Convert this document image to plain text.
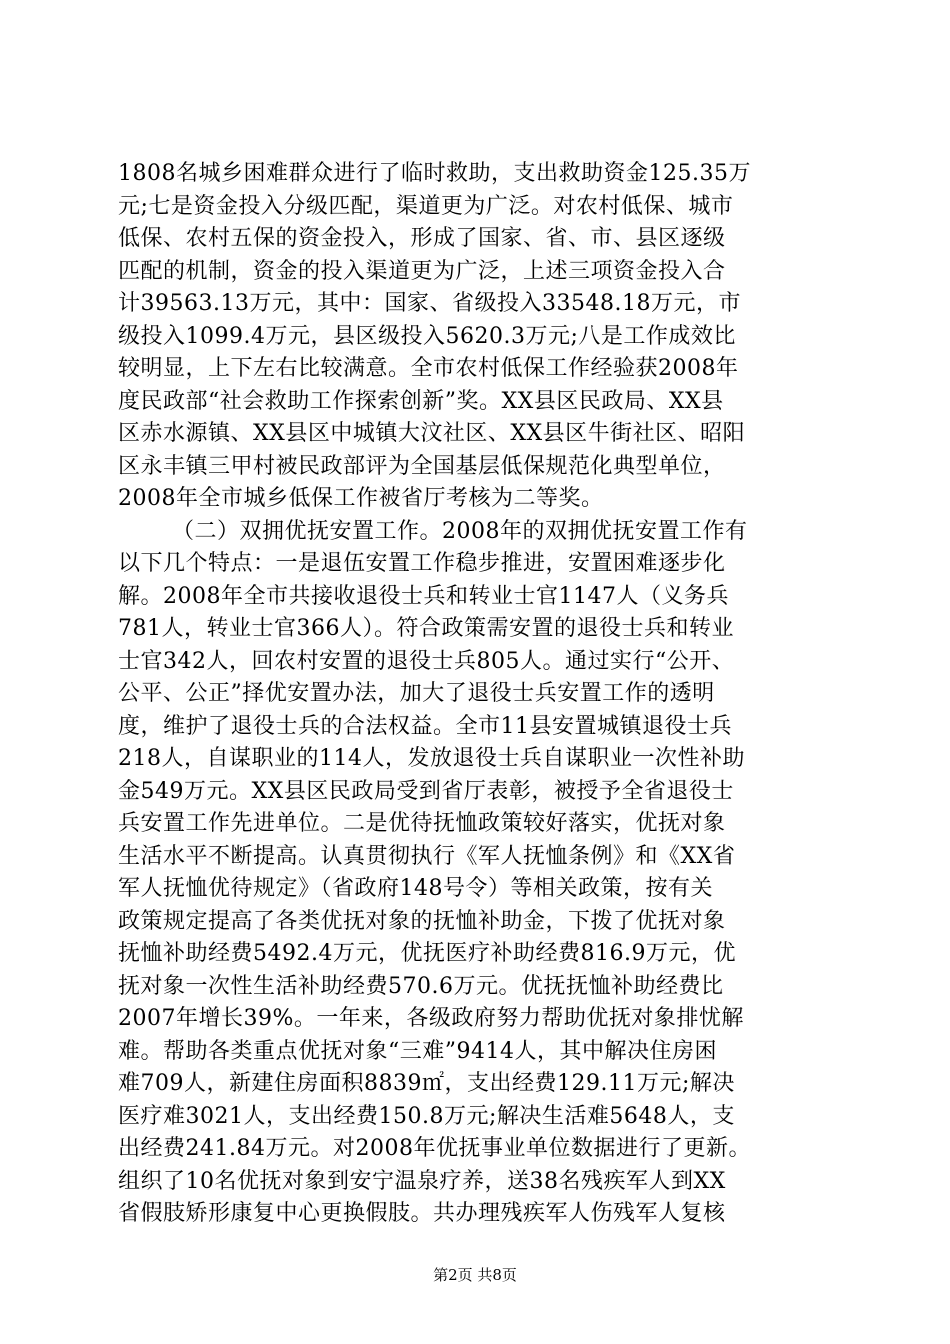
1808名城乡困难群众进行了临时救助，支出救助资金125.35万
元;七是资金投入分级匹配，渠道更为广泛。对农村低保、城市
低保、农村五保的资金投入，形成了国家、省、市、县区逐级
匹配的机制，资金的投入渠道更为广泛，上述三项资金投入合
计39563.13万元，其中：国家、省级投入33548.18万元，市
级投入1099.4万元，县区级投入5620.3万元;八是工作成效比
较明显，上下左右比较满意。全市农村低保工作经验获2008年
度民政部“社会救助工作探索创新”奖。XX县区民政局、XX县
区赤水源镇、XX县区中城镇大汶社区、XX县区牛街社区、昭阳
区永丰镇三甲村被民政部评为全国基层低保规范化典型单位，
2008年全市城乡低保工作被省厅考核为二等奖。
（二）双拥优抚安置工作。2008年的双拥优抚安置工作有
以下几个特点：一是退伍安置工作稳步推进，安置困难逐步化
解。2008年全市共接收退役士兵和转业士官1147人（义务兵
781人，转业士官366人）。符合政策需安置的退役士兵和转业
士官342人，回农村安置的退役士兵805人。通过实行“公开、
公平、公正”择优安置办法，加大了退役士兵安置工作的透明
度，维护了退役士兵的合法权益。全市11县安置城镇退役士兵
218人，自谋职业的114人，发放退役士兵自谋职业一次性补助
金549万元。XX县区民政局受到省厅表彰，被授予全省退役士
兵安置工作先进单位。二是优待抚恤政策较好落实，优抚对象
生活水平不断提高。认真贯彻执行《军人抚恤条例》和《XX省
军人抚恤优待规定》（省政府148号令）等相关政策，按有关
政策规定提高了各类优抚对象的抚恤补助金，下拨了优抚对象
抚恤补助经费5492.4万元，优抚医疗补助经费816.9万元，优
抚对象一次性生活补助经费570.6万元。优抚抚恤补助经费比
2007年增长39%。一年来，各级政府努力帮助优抚对象排忧解
难。帮助各类重点优抚对象“三难”9414人，其中解决住房困
难709人，新建住房面积8839㎡，支出经费129.11万元;解决
医疗难3021人，支出经费150.8万元;解决生活难5648人，支
出经费241.84万元。对2008年优抚事业单位数据进行了更新。
组织了10名优抚对象到安宁温泉疗养，送38名残疾军人到XX
省假肢矫形康复中心更换假肢。共办理残疾军人伤残军人复核
第2页 共8页
